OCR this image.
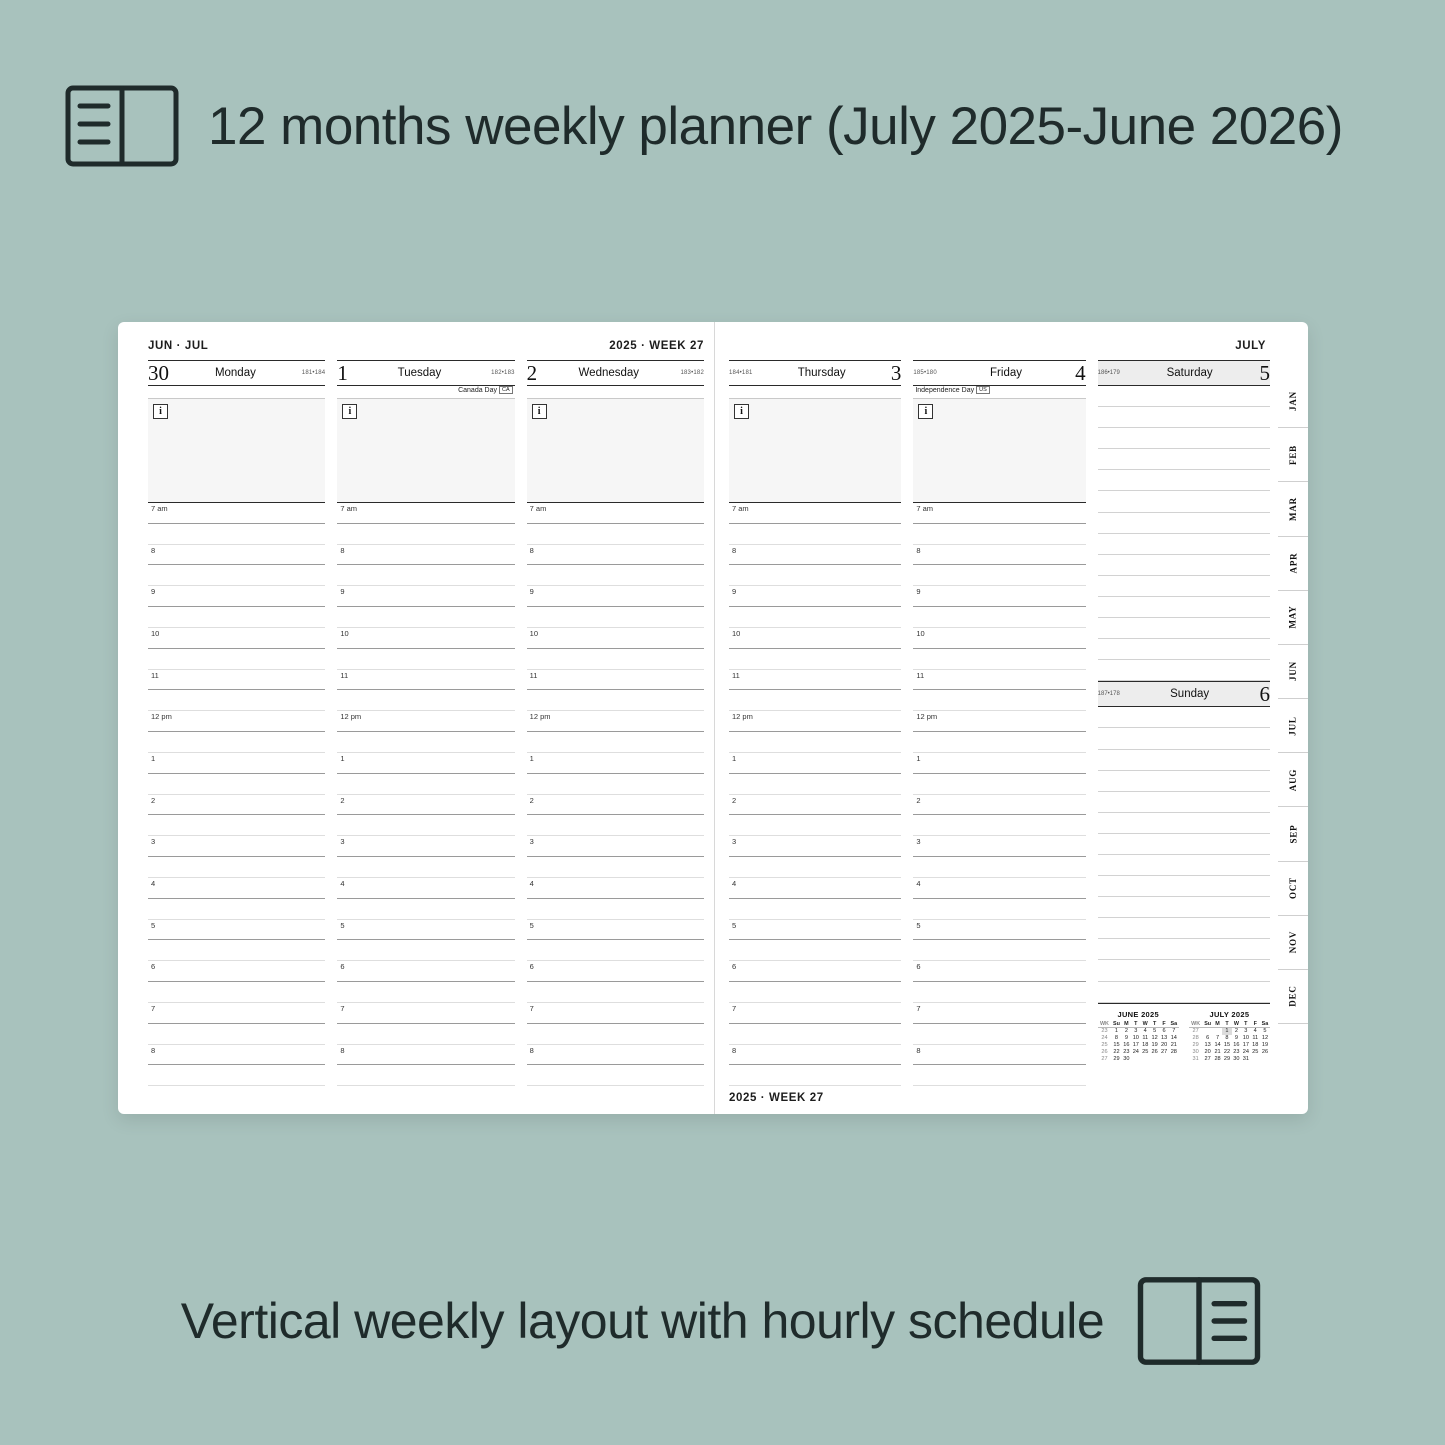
12 months weekly planner (July 2025-June 2026)
JUN · JUL	2025 · WEEK 27
30	Monday	181•184
i
7 am
8
9
10
11
12 pm
1
2
3
4
5
6
7
8
1	Tuesday	182•183
Canada Day CA
i
7 am
8
9
10
11
12 pm
1
2
3
4
5
6
7
8
2	Wednesday	183•182
i
7 am
8
9
10
11
12 pm
1
2
3
4
5
6
7
8
JULY
184•181	Thursday	3
i
7 am
8
9
10
11
12 pm
1
2
3
4
5
6
7
8
185•180	Friday	4
Independence Day US
i
7 am
8
9
10
11
12 pm
1
2
3
4
5
6
7
8
186•179	Saturday	5
187•178	Sunday	6
JUNE 2025
WK	Su	M	T	W	T	F	Sa
23	1	2	3	4	5	6	7
24	8	9	10	11	12	13	14
25	15	16	17	18	19	20	21
26	22	23	24	25	26	27	28
27	29	30					
JULY 2025
WK	Su	M	T	W	T	F	Sa
27			1	2	3	4	5
28	6	7	8	9	10	11	12
29	13	14	15	16	17	18	19
30	20	21	22	23	24	25	26
31	27	28	29	30	31		
2025 · WEEK 27
JAN
FEB
MAR
APR
MAY
JUN
JUL
AUG
SEP
OCT
NOV
DEC
Vertical weekly layout with hourly schedule
